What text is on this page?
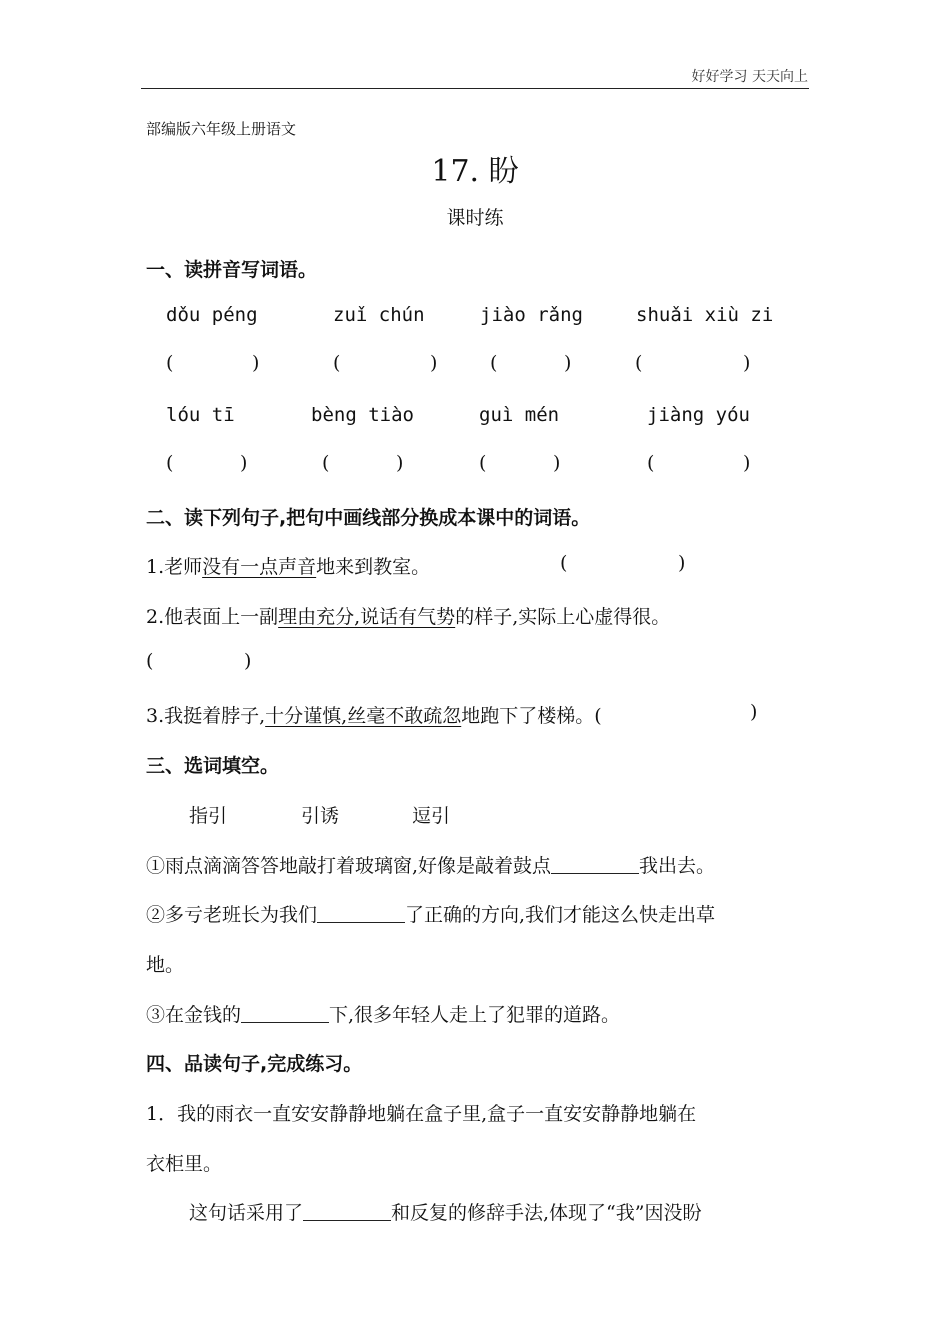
好好学习 天天向上
部编版六年级上册语文
17. 盼
课时练
一、读拼音写词语。
dǒu péng	zuǐ chún	jiào rǎng	shuǎi xiù zi
(	)	(	)	(	)	(	)
lóu tī	bèng tiào	guì mén	jiàng yóu
(	)	(	)	(	)	(	)
二、读下列句子,把句中画线部分换成本课中的词语。
1.老师没有一点声音地来到教室。	(	)
2.他表面上一副理由充分,说话有气势的样子,实际上心虚得很。
(	)
3.我挺着脖子,十分谨慎,丝毫不敢疏忽地跑下了楼梯。(	)
三、选词填空。
指引	引诱	逗引
①雨点滴滴答答地敲打着玻璃窗,好像是敲着鼓点	我出去。
②多亏老班长为我们	了正确的方向,我们才能这么快走出草
地。
③在金钱的	下,很多年轻人走上了犯罪的道路。
四、品读句子,完成练习。
1．我的雨衣一直安安静静地躺在盒子里,盒子一直安安静静地躺在
衣柜里。
这句话采用了	和反复的修辞手法,体现了“我”因没盼
